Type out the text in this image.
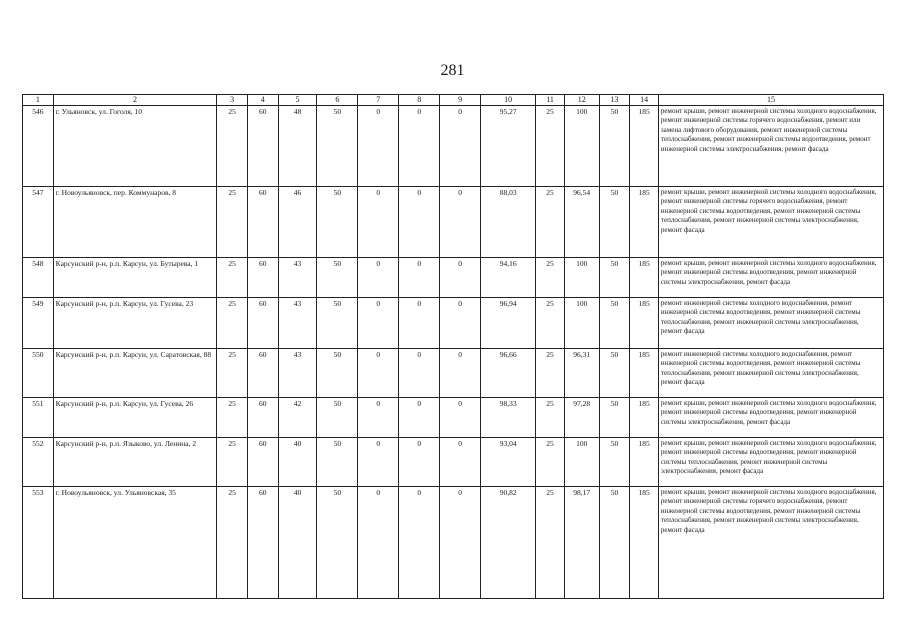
281
1	2	3	4	5	6	7	8	9	10	11	12	13	14	15
546	г. Ульяновск, ул. Гоголя, 10	25	60	48	50	0	0	0	95,27	25	100	50	185	ремонт крыши, ремонт инженерной системы холодного водоснабжения, ремонт инженерной системы горячего водоснабжения, ремонт или замена лифтового оборудования, ремонт инженерной системы теплоснабжения, ремонт инженерной системы водоотведения, ремонт инженерной системы электроснабжения, ремонт фасада
547	г. Новоульяновск, пер. Коммунаров, 8	25	60	46	50	0	0	0	88,03	25	96,54	50	185	ремонт крыши, ремонт инженерной системы холодного водоснабжения, ремонт инженерной системы горячего водоснабжения, ремонт инженерной системы водоотведения, ремонт инженерной системы теплоснабжения, ремонт инженерной системы электроснабжения, ремонт фасада
548	Карсунский р-н, р.п. Карсун, ул. Бутырева, 1	25	60	43	50	0	0	0	94,16	25	100	50	185	ремонт крыши, ремонт инженерной системы холодного водоснабжения, ремонт инженерной системы водоотведения, ремонт инженерной системы электроснабжения, ремонт фасада
549	Карсунский р-н, р.п. Карсун, ул. Гусева, 23	25	60	43	50	0	0	0	96,94	25	100	50	185	ремонт инженерной системы холодного водоснабжения, ремонт инженерной системы водоотведения, ремонт инженерной системы теплоснабжения, ремонт инженерной системы электроснабжения, ремонт фасада
550	Карсунский р-н, р.п. Карсун, ул. Саратовская, 88	25	60	43	50	0	0	0	96,66	25	96,31	50	185	ремонт инженерной системы холодного водоснабжения, ремонт инженерной системы водоотведения, ремонт инженерной системы теплоснабжения, ремонт инженерной системы электроснабжения, ремонт фасада
551	Карсунский р-н, р.п. Карсун, ул. Гусева, 26	25	60	42	50	0	0	0	98,33	25	97,28	50	185	ремонт крыши, ремонт инженерной системы холодного водоснабжения, ремонт инженерной системы водоотведения, ремонт инженерной системы электроснабжения, ремонт фасада
552	Карсунский р-н, р.п. Языково, ул. Ленина, 2	25	60	40	50	0	0	0	93,04	25	100	50	185	ремонт крыши, ремонт инженерной системы холодного водоснабжения, ремонт инженерной системы водоотведения, ремонт инженерной системы теплоснабжения, ремонт инженерной системы электроснабжения, ремонт фасада
553	г. Новоульяновск, ул. Ульяновская, 35	25	60	40	50	0	0	0	90,82	25	98,17	50	185	ремонт крыши, ремонт инженерной системы холодного водоснабжения, ремонт инженерной системы горячего водоснабжения, ремонт инженерной системы водоотведения, ремонт инженерной системы теплоснабжения, ремонт инженерной системы электроснабжения, ремонт фасада
